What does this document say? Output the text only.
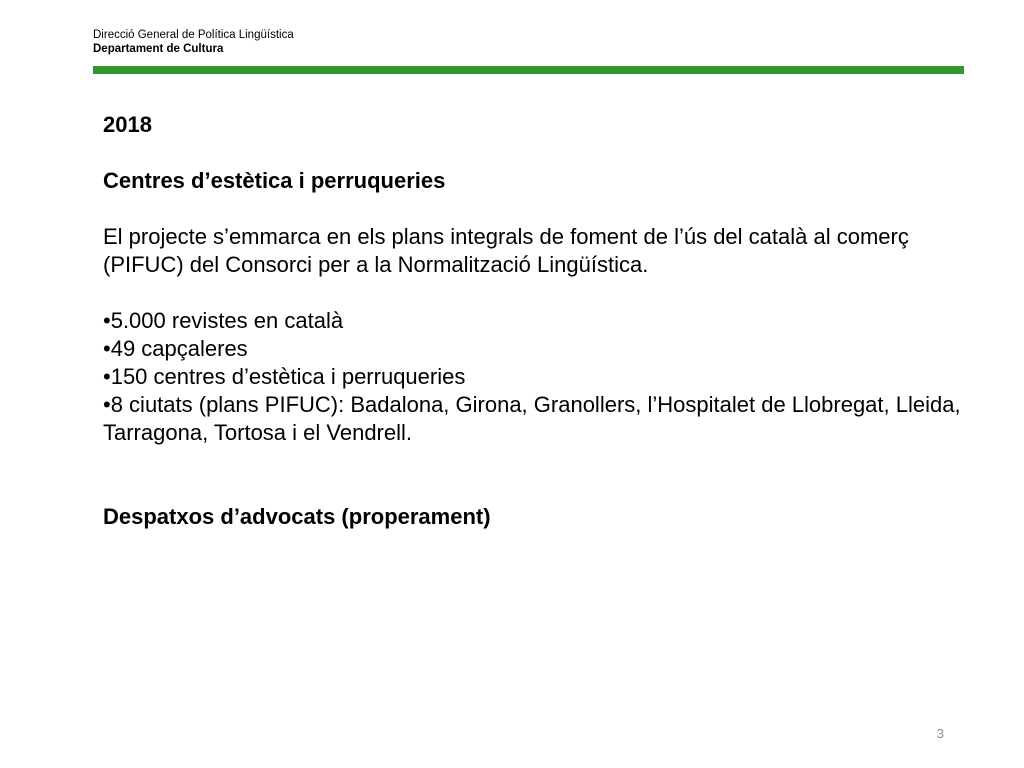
Direcció General de Política Lingüística
Departament de Cultura

2018

Centres d’estètica i perruqueries

El projecte s’emmarca en els plans integrals de foment de l’ús del català al comerç (PIFUC) del Consorci per a la Normalització Lingüística.

•5.000 revistes en català
•49 capçaleres
•150 centres d’estètica i perruqueries
•8 ciutats (plans PIFUC): Badalona, Girona, Granollers, l’Hospitalet de Llobregat, Lleida, Tarragona, Tortosa i el Vendrell.

Despatxos d’advocats (properament)

3
